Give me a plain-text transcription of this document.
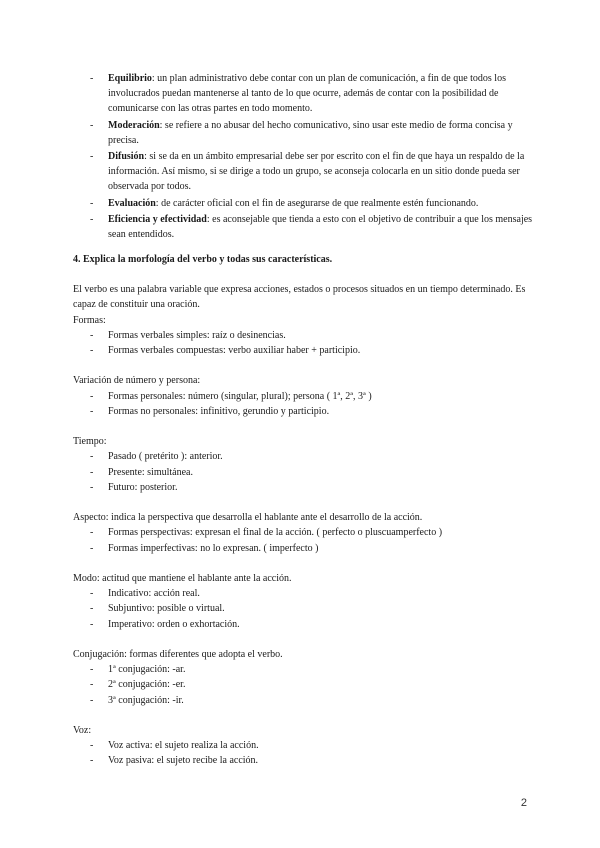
- Equilibrio: un plan administrativo debe contar con un plan de comunicación, a fin de que todos los involucrados puedan mantenerse al tanto de lo que ocurre, además de contar con la posibilidad de comunicarse con las otras partes en todo momento.
- Moderación: se refiere a no abusar del hecho comunicativo, sino usar este medio de forma concisa y precisa.
- Difusión: si se da en un ámbito empresarial debe ser por escrito con el fin de que haya un respaldo de la información. Así mismo, si se dirige a todo un grupo, se aconseja colocarla en un sitio donde pueda ser observada por todos.
- Evaluación: de carácter oficial con el fin de asegurarse de que realmente estén funcionando.
- Eficiencia y efectividad: es aconsejable que tienda a esto con el objetivo de contribuir a que los mensajes sean entendidos.
4. Explica la morfología del verbo y todas sus características.

El verbo es una palabra variable que expresa acciones, estados o procesos situados en un tiempo determinado. Es capaz de constituir una oración.

Formas:

- Formas verbales simples: raíz o desinencias.
- Formas verbales compuestas: verbo auxiliar haber + participio.

Variación de número y persona:

- Formas personales: número (singular, plural); persona ( 1ª, 2ª, 3ª )
- Formas no personales: infinitivo, gerundio y participio.

Tiempo:

- Pasado ( pretérito ): anterior.
- Presente: simultánea.
- Futuro: posterior.

Aspecto: indica la perspectiva que desarrolla el hablante ante el desarrollo de la acción.

- Formas perspectivas: expresan el final de la acción. ( perfecto o pluscuamperfecto )
- Formas imperfectivas: no lo expresan. ( imperfecto )

Modo: actitud que mantiene el hablante ante la acción.

- Indicativo: acción real.
- Subjuntivo: posible o virtual.
- Imperativo: orden o exhortación.

Conjugación: formas diferentes que adopta el verbo.

- 1ª conjugación: -ar.
- 2ª conjugación: -er.
- 3ª conjugación: -ir.

Voz:

- Voz activa: el sujeto realiza la acción.
- Voz pasiva: el sujeto recibe la acción.
2
